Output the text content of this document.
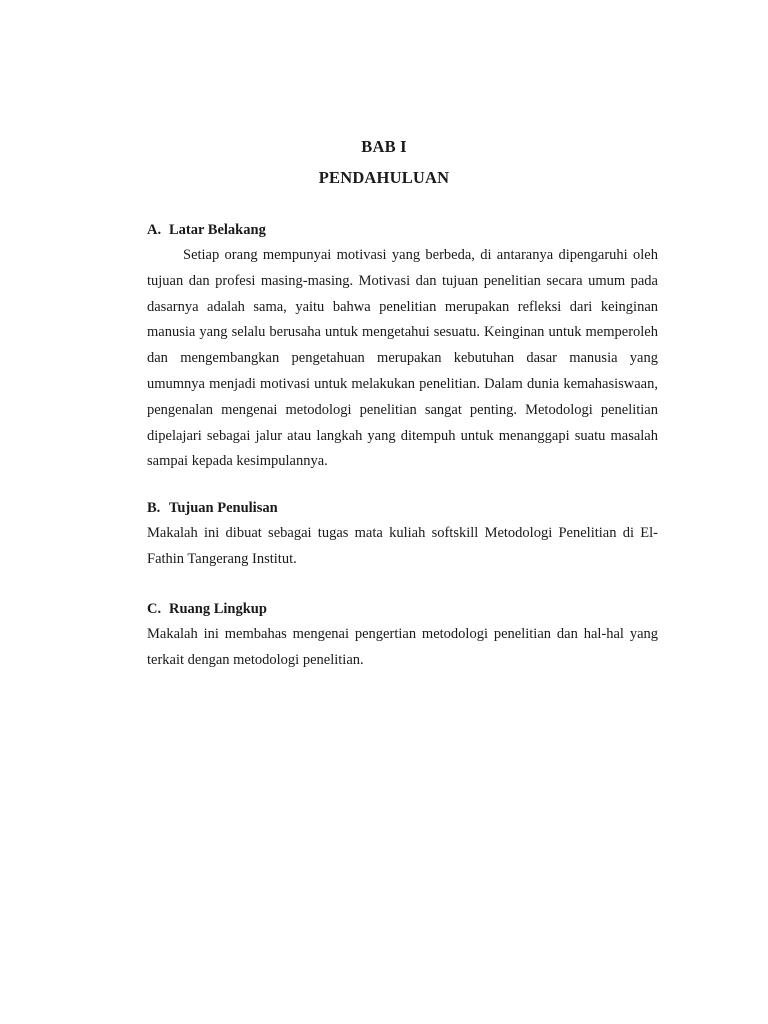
BAB I
PENDAHULUAN

A. Latar Belakang

Setiap orang mempunyai motivasi yang berbeda, di antaranya dipengaruhi oleh tujuan dan profesi masing-masing. Motivasi dan tujuan penelitian secara umum pada dasarnya adalah sama, yaitu bahwa penelitian merupakan refleksi dari keinginan manusia yang selalu berusaha untuk mengetahui sesuatu. Keinginan untuk memperoleh dan mengembangkan pengetahuan merupakan kebutuhan dasar manusia yang umumnya menjadi motivasi untuk melakukan penelitian. Dalam dunia kemahasiswaan, pengenalan mengenai metodologi penelitian sangat penting. Metodologi penelitian dipelajari sebagai jalur atau langkah yang ditempuh untuk menanggapi suatu masalah sampai kepada kesimpulannya.

B. Tujuan Penulisan

Makalah ini dibuat sebagai tugas mata kuliah softskill Metodologi Penelitian di El-Fathin Tangerang Institut.

C. Ruang Lingkup

Makalah ini membahas mengenai pengertian metodologi penelitian dan hal-hal yang terkait dengan metodologi penelitian.
